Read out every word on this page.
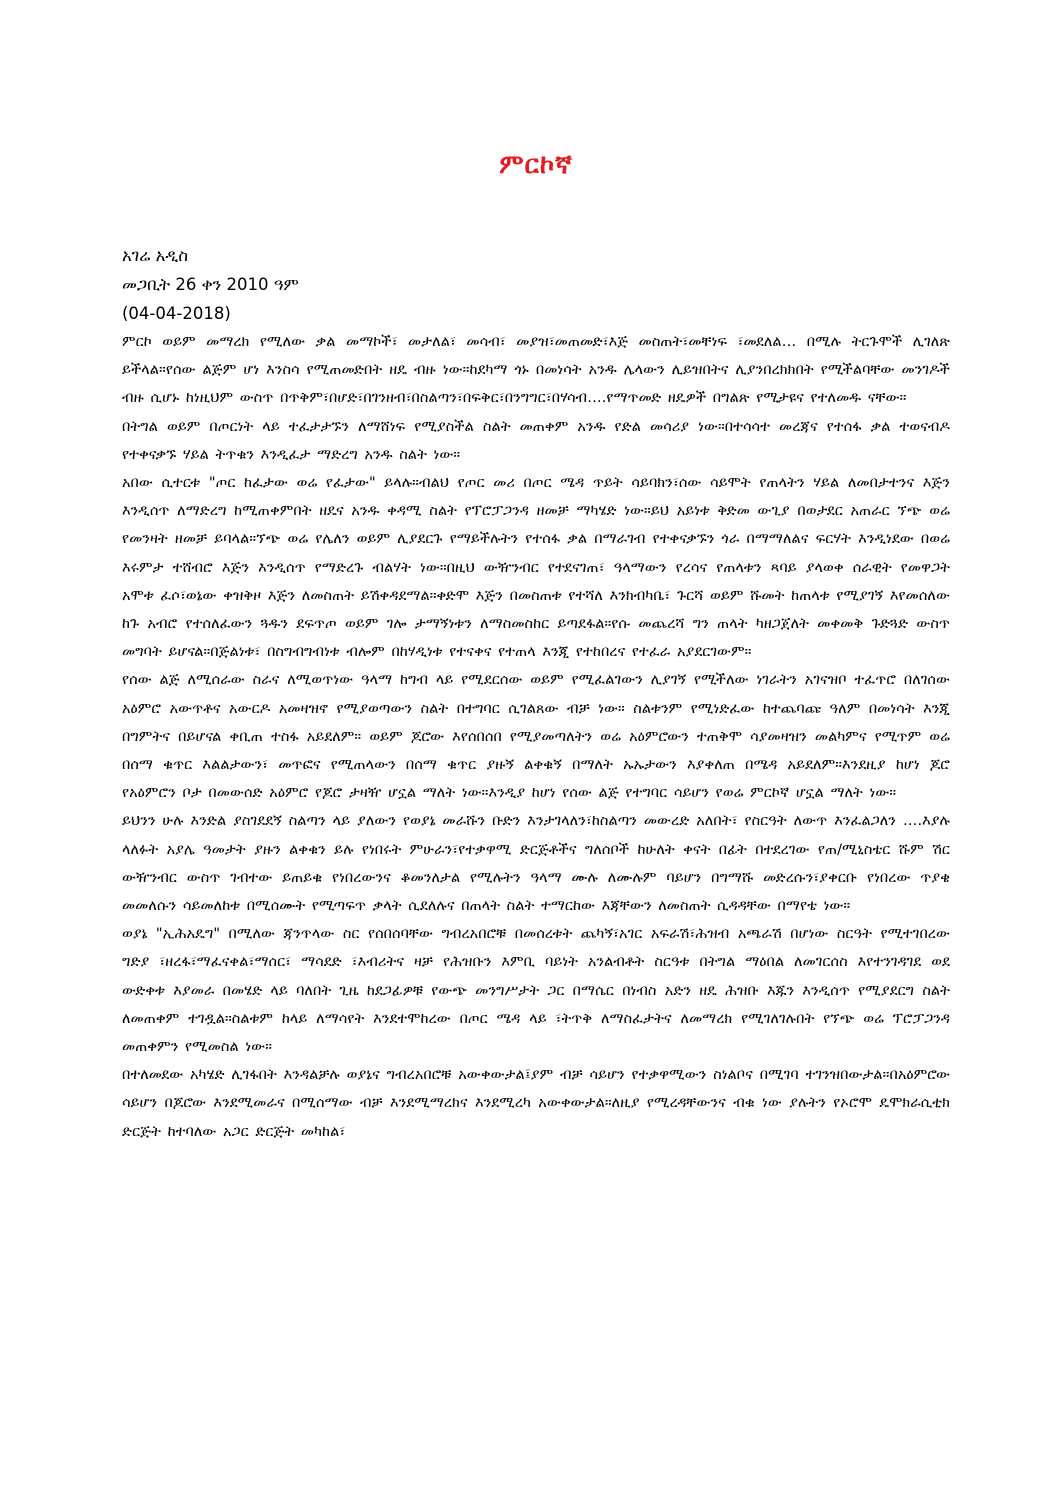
ምርኮኛ

አገሬ አዲስ

መጋቢት 26 ቀን 2010 ዓም

(04-04-2018)

ምርኮ ወይም መማረክ የሚለው ቃል መማኮች፣ መታለል፣ መሳብ፣ መያዝ፣መጠመድ፣እጅ መስጠት፣መቸነፍ ፣መደለል… በሚሉ ትርጉሞች ሊገለጽ ይችላል።የሰው ልጅም ሆነ እንስሳ የሚጠመድበት ዘዴ ብዙ ነው።ከደካማ ጎኑ በመነሳት አንዱ ሌላውን ሊይዝበትና ሊያንበረክክበት የሚችልባቸው መንገዶች ብዙ ሲሆኑ ከነዚህም ውስጥ በጥቅም፣በሆድ፣በገንዘብ፣በስልጣን፣በፍቅር፣በንግግር፣በሃሳብ….የማጥመድ ዘዴዎች በግልጽ የሚታዩና የተለመዱ ናቸው።

በትግል ወይም በጦርነት ላይ ተፈታታኙን ለማሸነፍ የሚያስችል ስልት መጠቀም አንዱ የድል መሳሪያ ነው።በተሳሳተ መረጃና የተሰፋ ቃል ተወናብዶ የተቀናቃኙ ሃይል ትጥቁን እንዲፈታ ማድረግ አንዱ ስልት ነው።

አበው ሲተርቱ "ጦር ከፈታው ወሬ የፈታው" ይላሉ።ብልህ የጦር መሪ በጦር ሜዳ ጥይት ሳይባክን፣ሰው ሳይሞት የጠላትን ሃይል ለመበታተንና እጅን እንዲሰጥ ለማድረግ ከሚጠቀምበት ዘዴና አንዱ ቀዳሚ ስልት የፕሮፓጋንዳ ዘመቻ ማካሄድ ነው።ይህ አይነቱ ቅድመ ውጊያ በወታደር አጠራር ኘጭ ወሬ የመንዛት ዘመቻ ይባላል።ኘጭ ወሬ የሌለን ወይም ሊያደርጉ የማይችሉትን የተሰፋ ቃል በማራገብ የተቀናቃኙን ጎራ በማማለልና ፍርሃት እንዲነደው በወሬ እሩምታ ተሸብሮ እጅን እንዲሰጥ የማድረጉ ብልሃት ነው።በዚህ ውዥንብር የተደናገጠ፣ ዓላማውን የረሳና የጠላቱን ጻባይ ያላወቀ ሰራዊት የመዋጋት አሞቱ ፈሶ፣ወኔው ቀዝቅዞ እጅን ለመስጠት ይሽቀዳደማል።ቀድሞ እጅን በመስጠቱ የተሻለ እንክብካቤ፣ ጉርሻ ወይም ሹመት ከጠላቱ የሚያገኝ እየመሰለው ከጉ አብሮ የተሰለፈውን ጓዱን ደፍጥጦ ወይም ገሎ ታማኝነቱን ለማስመስከር ይጣደፋል።የሱ መጨረሻ ግን ጠላት ካዘጋጀለት መቀመቅ ጉድጓድ ውስጥ መግባት ይሆናል።በጅልነቱ፣ በስግብግብነቱ ብሎም በከሃዲነቱ የተናቀና የተጠላ እንጂ የተከበረና የተፈራ አያደርገውም።

የሰው ልጅ ለሚሰራው ስራና ለሚወጥነው ዓላማ ከግብ ላይ የሚደርሰው ወይም የሚፈልገውን ሊያገኝ የሚችለው ነገራትን አገናዝቦ ተፈጥሮ በለገሰው አዕምሮ አውጥቶና አውርዶ አመዛዝኖ የሚያወጣውን ስልት በተግባር ሲገልጸው ብቻ ነው። ስልቱንም የሚነድፈው ከተጨባጩ ዓለም በመነሳት እንጂ በግምትና በይሆናል ቀቢጠ ተስፋ አይደለም። ወይም ጆሮው እየሰበሰበ የሚያመጣለትን ወሬ አዕምሮውን ተጠቅሞ ሳያመዛዝን መልካምና የሚጥም ወሬ በሰማ ቁጥር እልልታውን፣ መጥፎና የሚጠላውን በሰማ ቁጥር ያዙኝ ልቀቁኝ በማለት ኡኡታውን እያቀለጠ በሜዳ አይደለም።እንደዚያ ከሆነ ጆሮ የአዕምሮን ቦታ በመውሰድ አዕምሮ የጆሮ ታዛዥ ሆኗል ማለት ነው።እንዲያ ከሆነ የሰው ልጅ የተግባር ሳይሆን የወሬ ምርኮኛ ሆኗል ማለት ነው።

ይህንን ሁሉ እንድል ያስገደደኝ ስልጣን ላይ ያለውን የወያኔ መራሹን ቡድን እንታገላለን፣ከስልጣን መውረድ አለበት፣ የስርዓት ለውጥ እንፈልጋለን ….እያሉ ላለፉት አያሌ ዓመታት ያዙን ልቀቁን ይሉ የነበሩት ምሁራን፣የተቃዋሚ ድርጅቶችና ግለሰቦች ከሁለት ቀናት በፊት በተደረገው የጠ/ሚኒስቴር ሹም ሽር ውዥንብር ውስጥ ገብተው ይጠይቁ የነበረውንና ቆመንለታል የሚሉትን ዓላማ ሙሉ ለሙሉም ባይሆን በግማሹ መድረሱን፣ያቀርቡ የነበረው ጥያቄ መመለሱን ሳይመለከቱ በሚሰሙት የሚጣፍጥ ቃላት ሲደለሉና በጠላት ስልት ተማርከው እጃቸውን ለመስጠት ሲዳዳቸው በማየቴ ነው።

ወያኔ "ኢሕአዴግ" በሚለው ጃንጥላው ስር የሰበሰባቸው ግብረአበሮቹ በመሰረቱት ጨካኝ፣አገር አፍራሽ፣ሕዝብ አጫራሽ በሆነው ስርዓት የሚተገበረው ግድያ ፣ዘረፋ፣ማፈናቀል፣ማሰር፣ ማሳደድ ፣እብሪትና ዛቻ የሕዝቡን እምቢ ባይነት አንልብቶት ስርዓቱ በትግል ማዕበል ለመገርሰስ እየተንገዳገደ ወደ ውድቀቱ እያመራ በመሄድ ላይ ባለበት ጊዜ ከደጋፊዎቹ የውጭ መንግሥታት ጋር በማሴር በነብስ አድን ዘዴ ሕዝቡ እጁን እንዲሰጥ የሚያደርግ ስልት ለመጠቀም ተገዷል።ስልቱም ከላይ ለማሳየት እንደተሞከረው በጦር ሜዳ ላይ ፣ትጥቅ ለማስፈታትና ለመማረክ የሚገለገሉበት የኘጭ ወሬ ፕሮፓጋንዳ መጠቀምን የሚመስል ነው።

በተለመደው አካሄድ ሊገፋበት እንዳልቻሉ ወያኔና ግብረአበሮቹ አውቀውታል፤ያም ብቻ ሳይሆን የተቃዋሚውን ስነልቦና በሚገባ ተገንዝበውታል።በአዕምሮው ሳይሆን በጆሮው እንደሚመራና በሚሰማው ብቻ እንደሚማረክና እንደሚረካ አውቀውታል።ለዚያ የሚረዳቸውንና ብቁ ነው ያሉትን የኦሮሞ ዴሞክራሲቲክ ድርጅት ከተባለው አጋር ድርጅት መካከል፣
